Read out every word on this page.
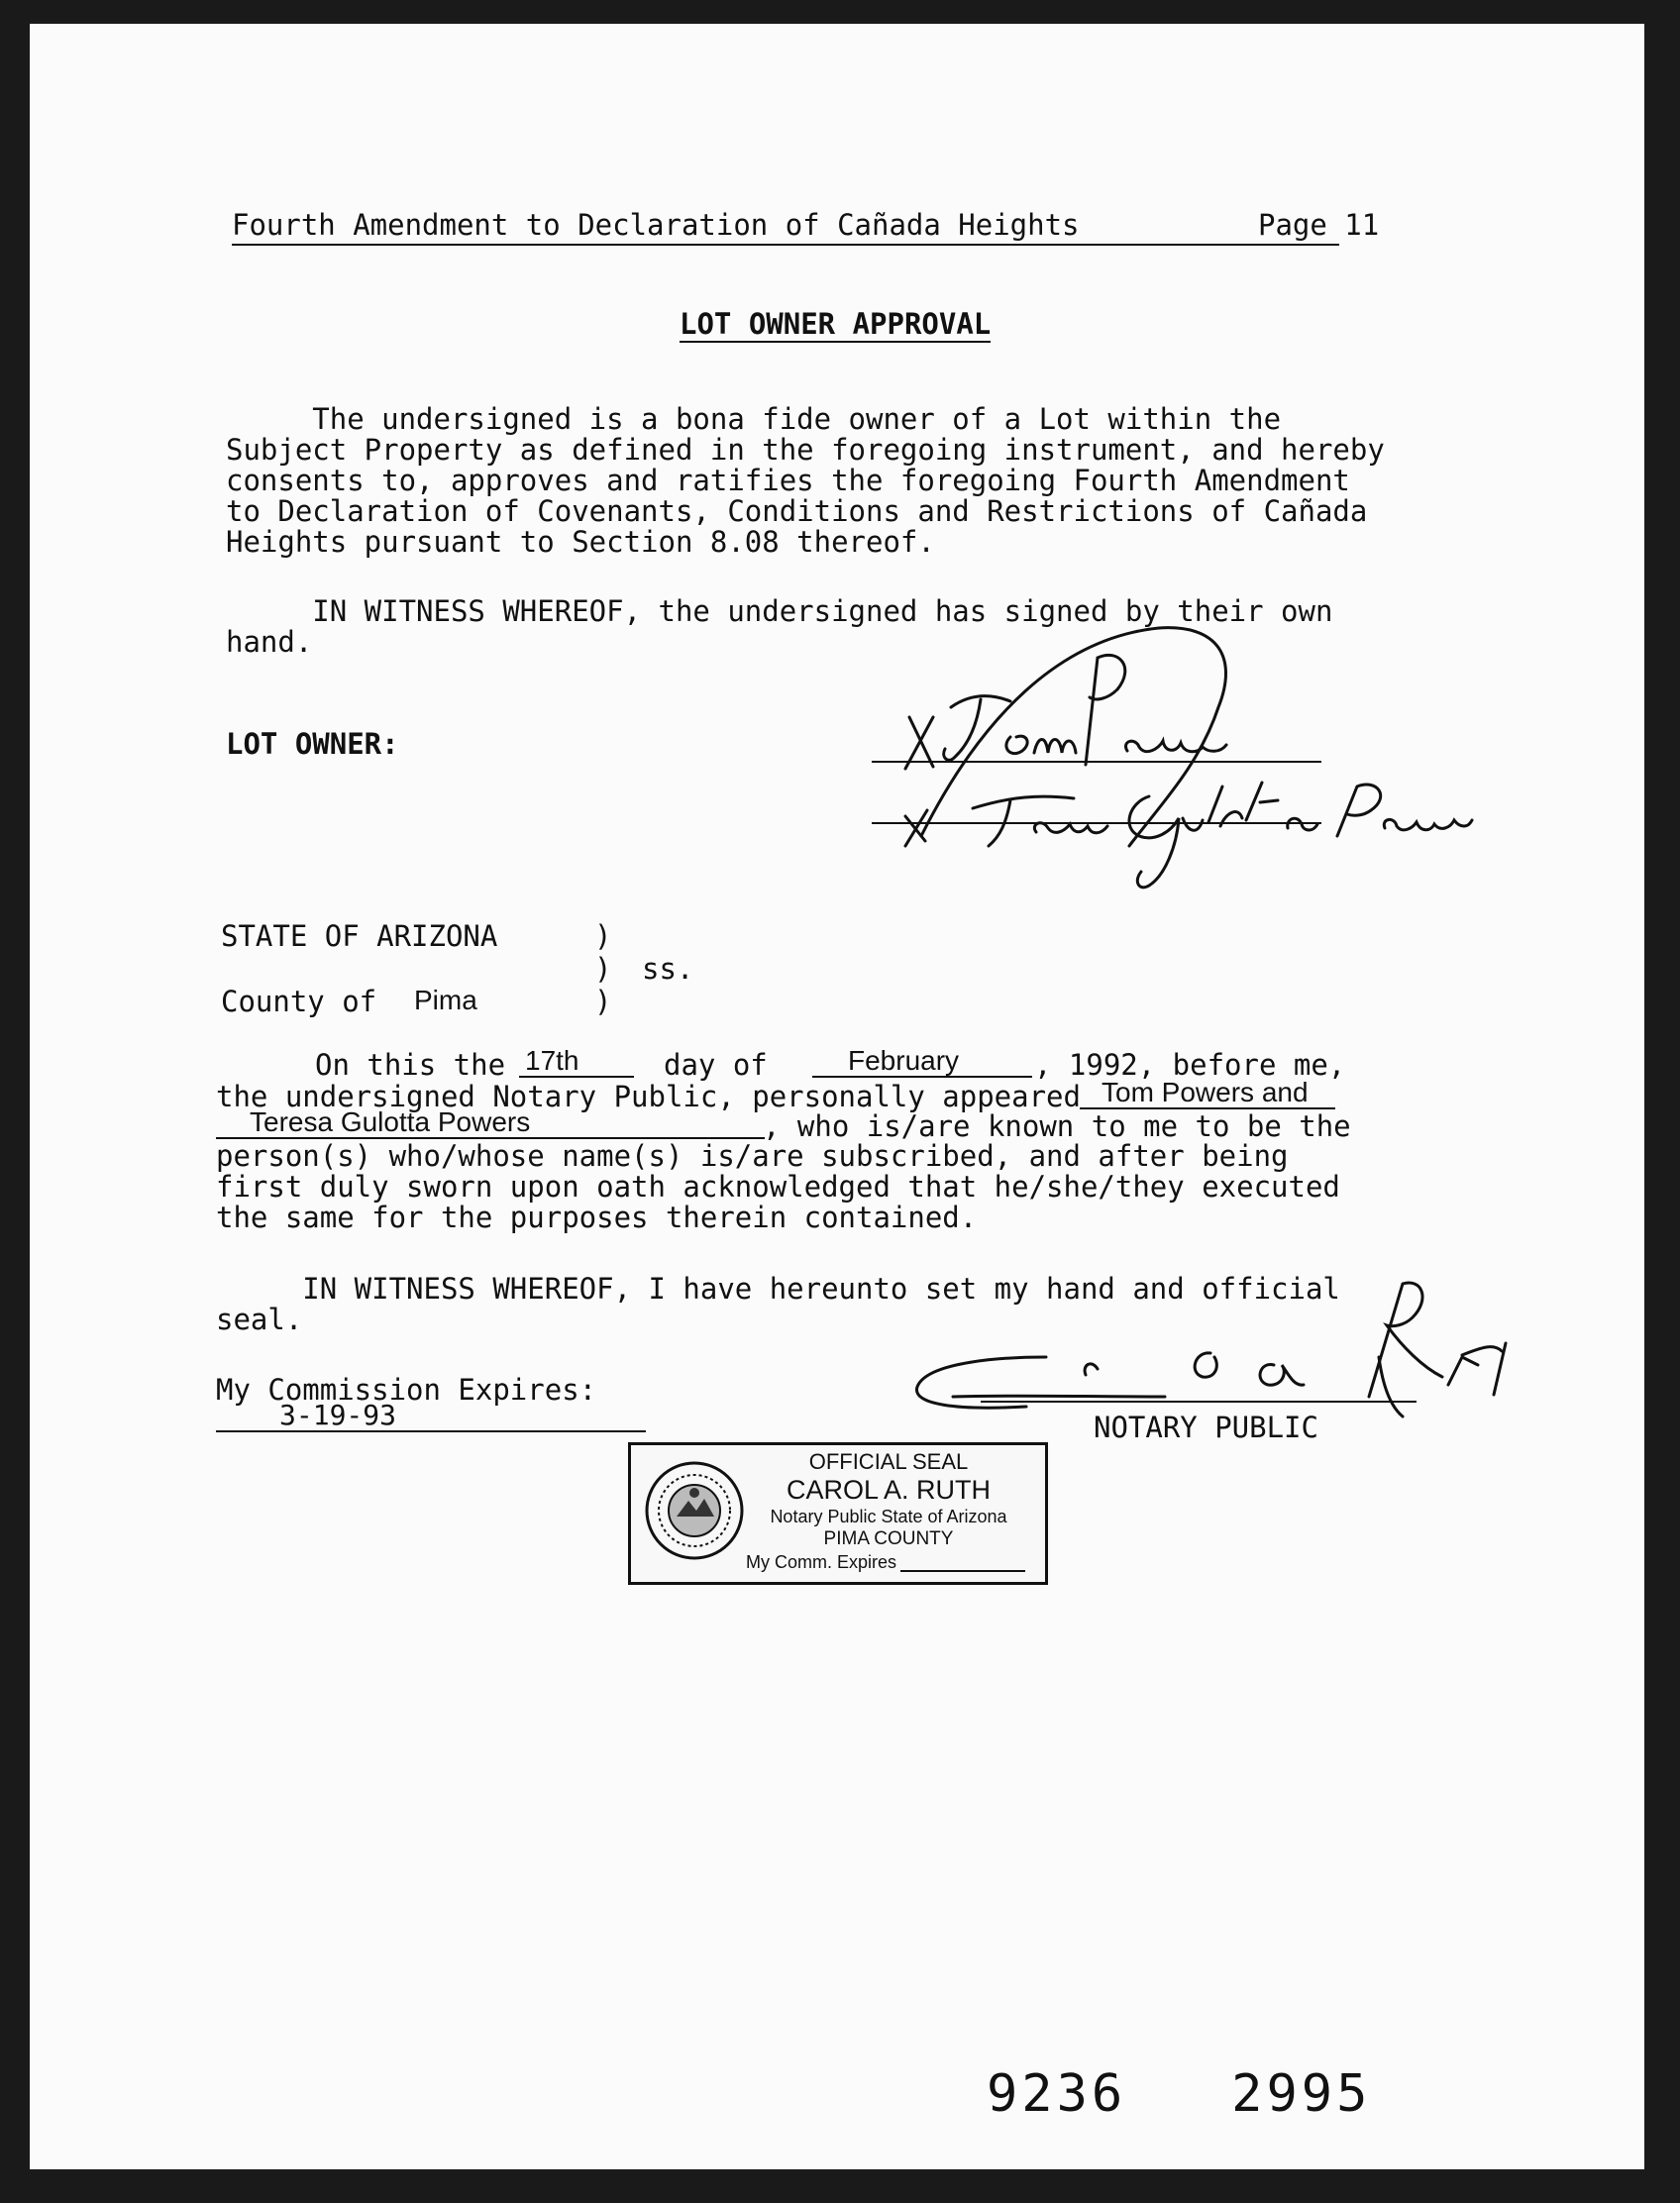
Fourth Amendment to Declaration of Cañada Heights	Page 11
LOT OWNER APPROVAL
The undersigned is a bona fide owner of a Lot within the
Subject Property as defined in the foregoing instrument, and hereby
consents to, approves and ratifies the foregoing Fourth Amendment
to Declaration of Covenants, Conditions and Restrictions of Cañada
Heights pursuant to Section 8.08 thereof.
IN WITNESS WHEREOF, the undersigned has signed by their own
hand.
LOT OWNER:
STATE OF ARIZONA	)
) ss.
County of Pima	)
On this the 17th	day of	February	, 1992, before me,
the undersigned Notary Public, personally appeared Tom Powers and
Teresa Gulotta Powers	, who is/are known to me to be the
person(s) who/whose name(s) is/are subscribed, and after being
first duly sworn upon oath acknowledged that he/she/they executed
the same for the purposes therein contained.
IN WITNESS WHEREOF, I have hereunto set my hand and official
seal.
My Commission Expires:
3-19-93	NOTARY PUBLIC
OFFICIAL SEAL
CAROL A. RUTH
Notary Public State of Arizona
PIMA COUNTY
My Comm. Expires
9236   2995
